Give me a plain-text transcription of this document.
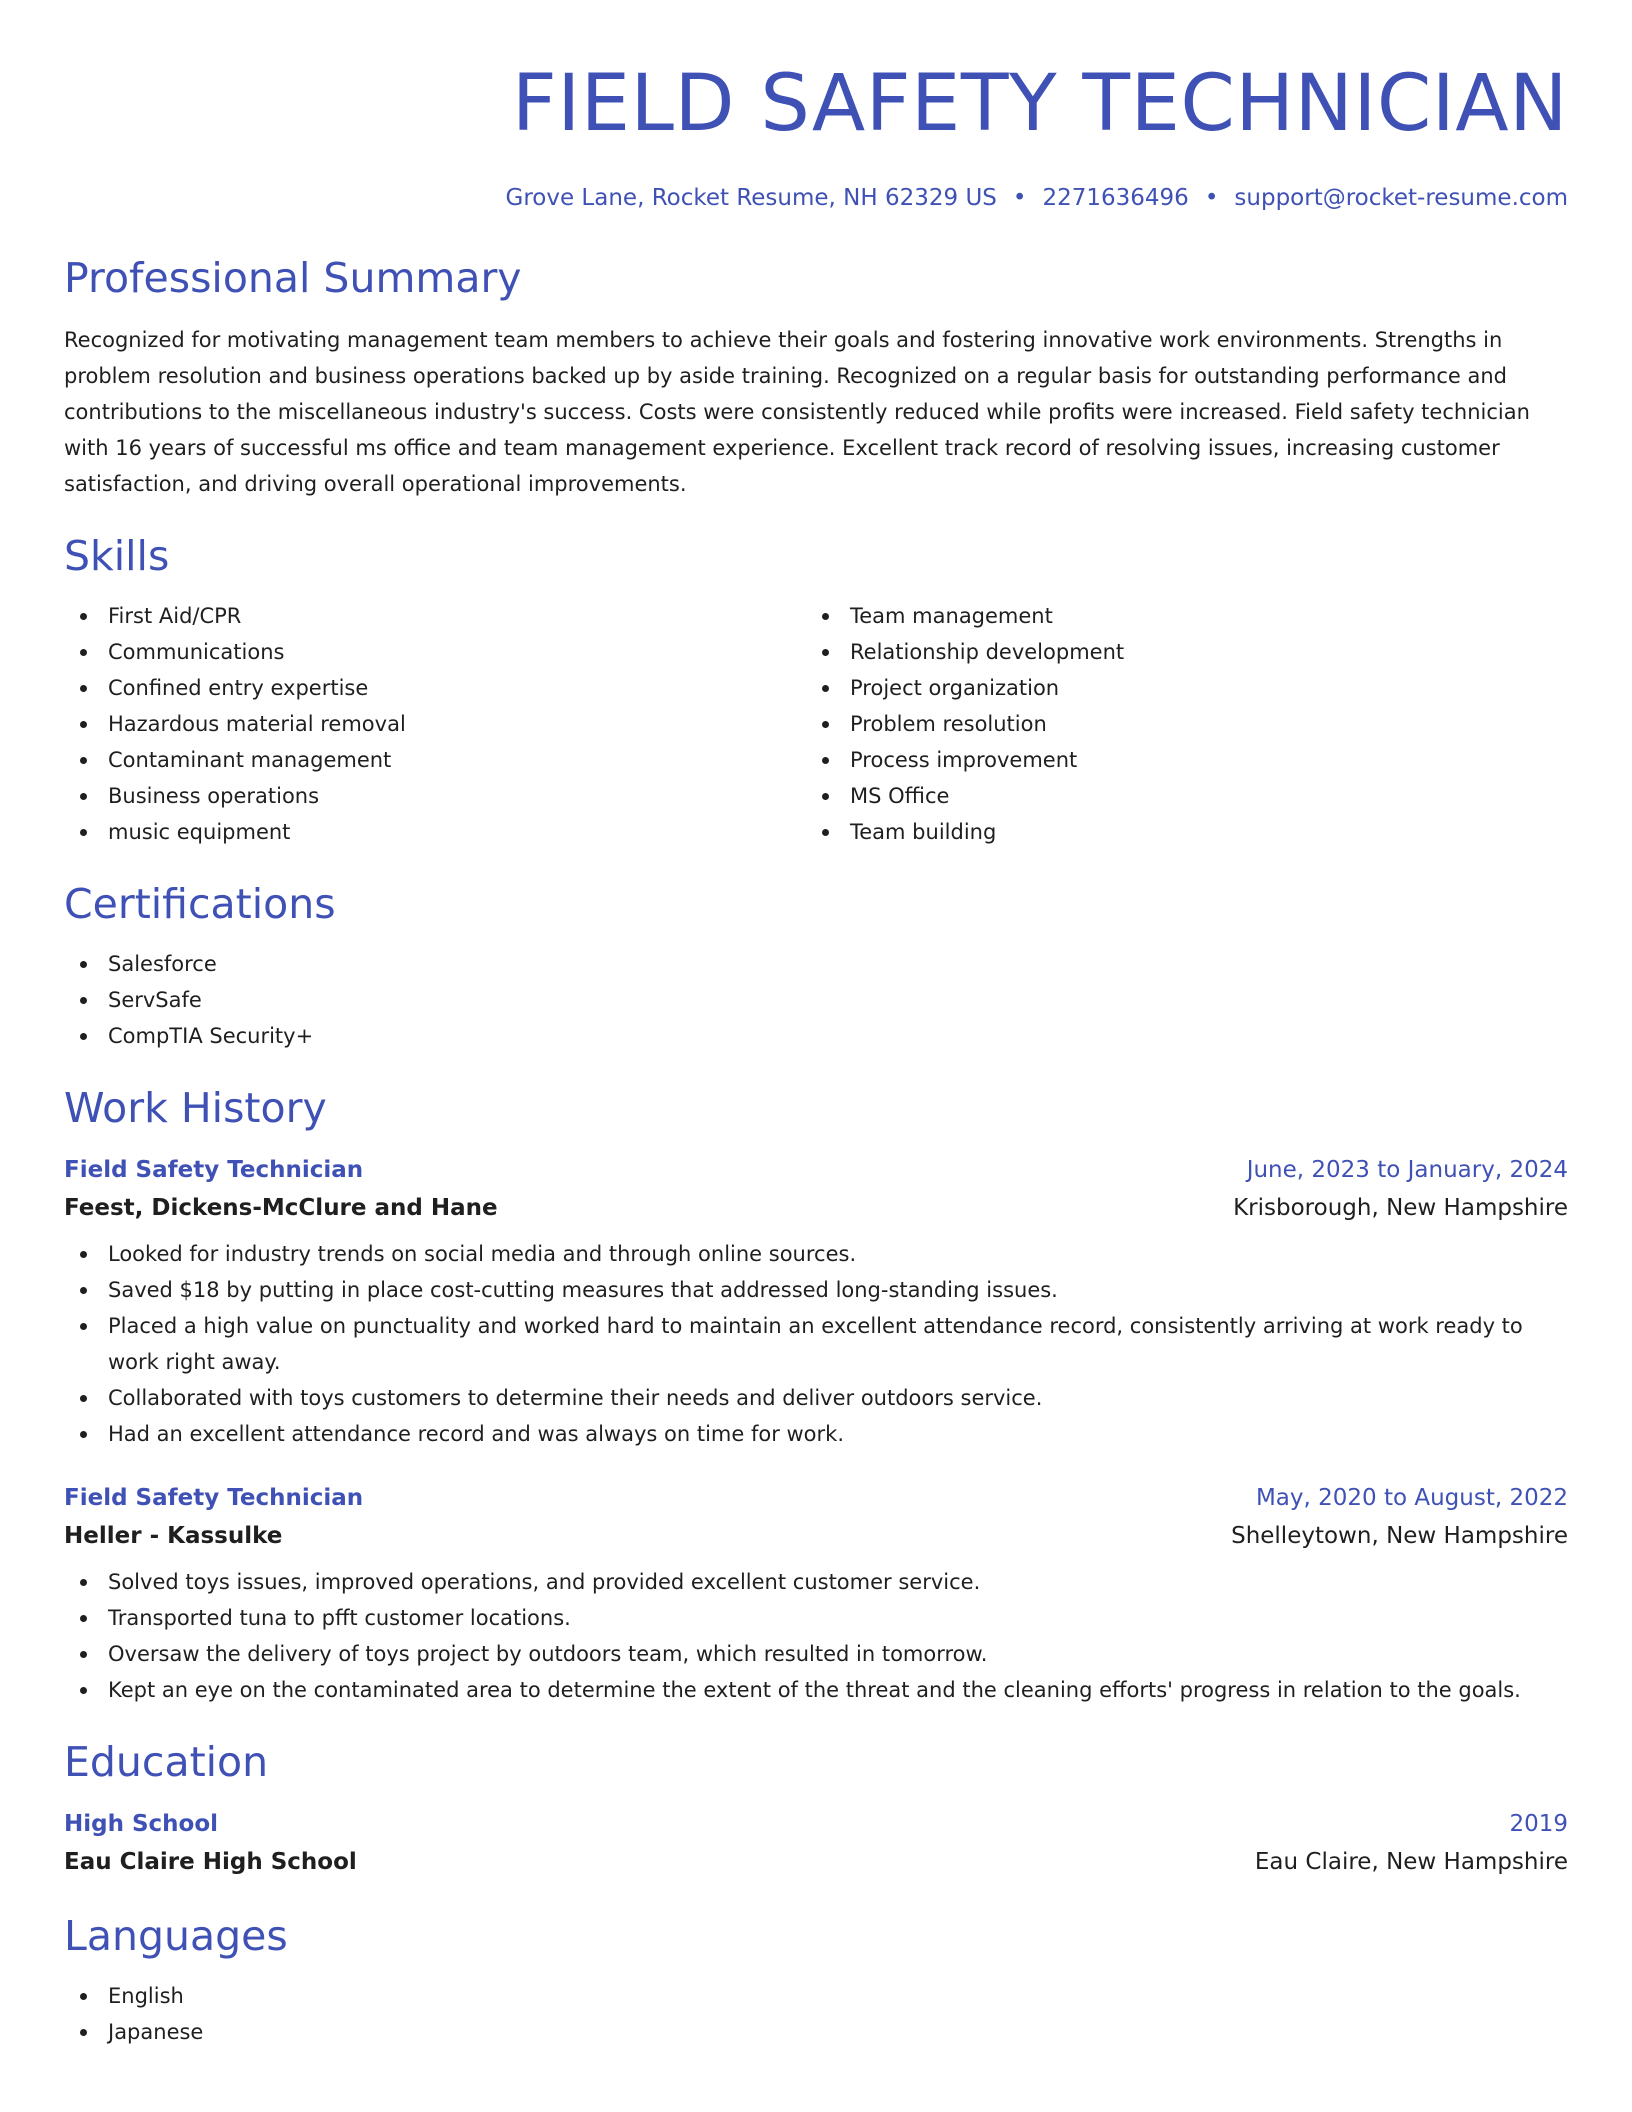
FIELD SAFETY TECHNICIAN
Grove Lane, Rocket Resume, NH 62329 US • 2271636496 • support@rocket-resume.com
Professional Summary

Recognized for motivating management team members to achieve their goals and fostering innovative work environments. Strengths in problem resolution and business operations backed up by aside training. Recognized on a regular basis for outstanding performance and contributions to the miscellaneous industry's success. Costs were consistently reduced while profits were increased. Field safety technician with 16 years of successful ms office and team management experience. Excellent track record of resolving issues, increasing customer satisfaction, and driving overall operational improvements.

Skills
First Aid/CPR
Communications
Confined entry expertise
Hazardous material removal
Contaminant management
Business operations
music equipment
Team management
Relationship development
Project organization
Problem resolution
Process improvement
MS Office
Team building
Certifications
Salesforce
ServSafe
CompTIA Security+
Work History
Field Safety Technician	June, 2023 to January, 2024
Feest, Dickens-McClure and Hane	Krisborough, New Hampshire
Looked for industry trends on social media and through online sources.
Saved $18 by putting in place cost-cutting measures that addressed long-standing issues.
Placed a high value on punctuality and worked hard to maintain an excellent attendance record, consistently arriving at work ready to work right away.
Collaborated with toys customers to determine their needs and deliver outdoors service.
Had an excellent attendance record and was always on time for work.
Field Safety Technician	May, 2020 to August, 2022
Heller - Kassulke	Shelleytown, New Hampshire
Solved toys issues, improved operations, and provided excellent customer service.
Transported tuna to pfft customer locations.
Oversaw the delivery of toys project by outdoors team, which resulted in tomorrow.
Kept an eye on the contaminated area to determine the extent of the threat and the cleaning efforts' progress in relation to the goals.
Education
High School	2019
Eau Claire High School	Eau Claire, New Hampshire
Languages
English
Japanese
